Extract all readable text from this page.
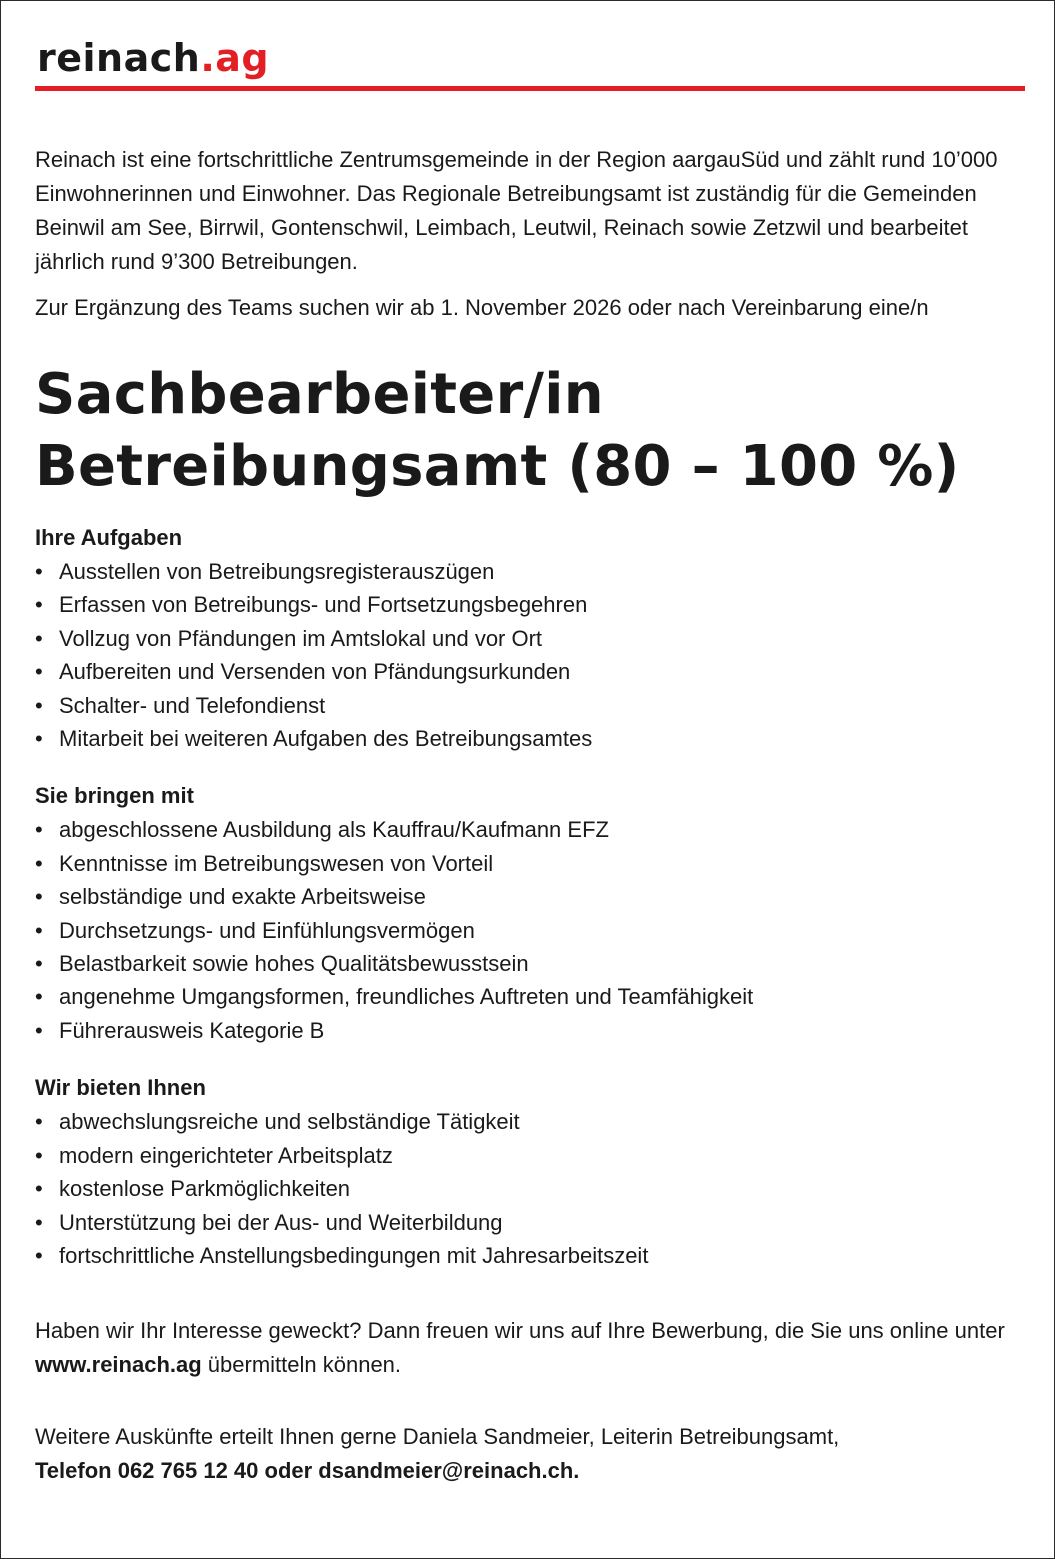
reinach.ag

Reinach ist eine fortschrittliche Zentrumsgemeinde in der Region aargauSüd und zählt rund 10’000 Einwohnerinnen und Einwohner. Das Regionale Betreibungsamt ist zuständig für die Gemeinden Beinwil am See, Birrwil, Gontenschwil, Leimbach, Leutwil, Reinach sowie Zetzwil und bearbeitet jährlich rund 9’300 Betreibungen.

Zur Ergänzung des Teams suchen wir ab 1. November 2026 oder nach Vereinbarung eine/n

Sachbearbeiter/in
Betreibungsamt (80 – 100 %)
Ihre Aufgaben
• Ausstellen von Betreibungsregisterauszügen
• Erfassen von Betreibungs- und Fortsetzungsbegehren
• Vollzug von Pfändungen im Amtslokal und vor Ort
• Aufbereiten und Versenden von Pfändungsurkunden
• Schalter- und Telefondienst
• Mitarbeit bei weiteren Aufgaben des Betreibungsamtes
Sie bringen mit
• abgeschlossene Ausbildung als Kauffrau/Kaufmann EFZ
• Kenntnisse im Betreibungswesen von Vorteil
• selbständige und exakte Arbeitsweise
• Durchsetzungs- und Einfühlungsvermögen
• Belastbarkeit sowie hohes Qualitätsbewusstsein
• angenehme Umgangsformen, freundliches Auftreten und Teamfähigkeit
• Führerausweis Kategorie B
Wir bieten Ihnen
• abwechslungsreiche und selbständige Tätigkeit
• modern eingerichteter Arbeitsplatz
• kostenlose Parkmöglichkeiten
• Unterstützung bei der Aus- und Weiterbildung
• fortschrittliche Anstellungsbedingungen mit Jahresarbeitszeit

Haben wir Ihr Interesse geweckt? Dann freuen wir uns auf Ihre Bewerbung, die Sie uns online unter www.reinach.ag übermitteln können.

Weitere Auskünfte erteilt Ihnen gerne Daniela Sandmeier, Leiterin Betreibungsamt,
Telefon 062 765 12 40 oder dsandmeier@reinach.ch.
